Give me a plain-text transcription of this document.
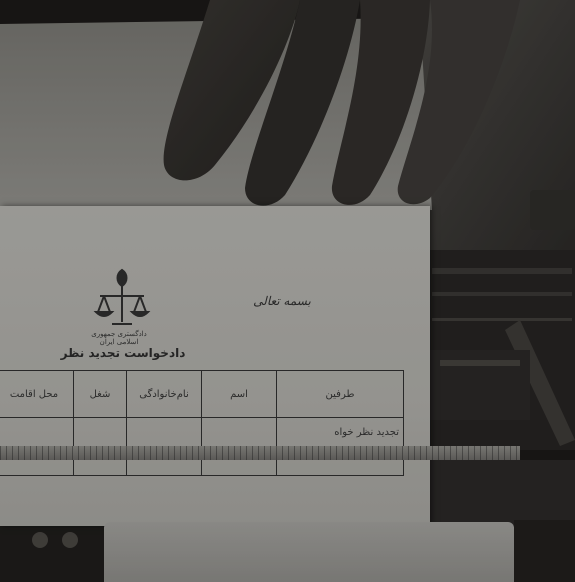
دادگستری جمهوری اسلامی ایران
دادخواست تجدید نظر
بسمه تعالی
طرفین	اسم	نام‌خانوادگی	شغل	محل اقامت
تجدید نظر خواه				
